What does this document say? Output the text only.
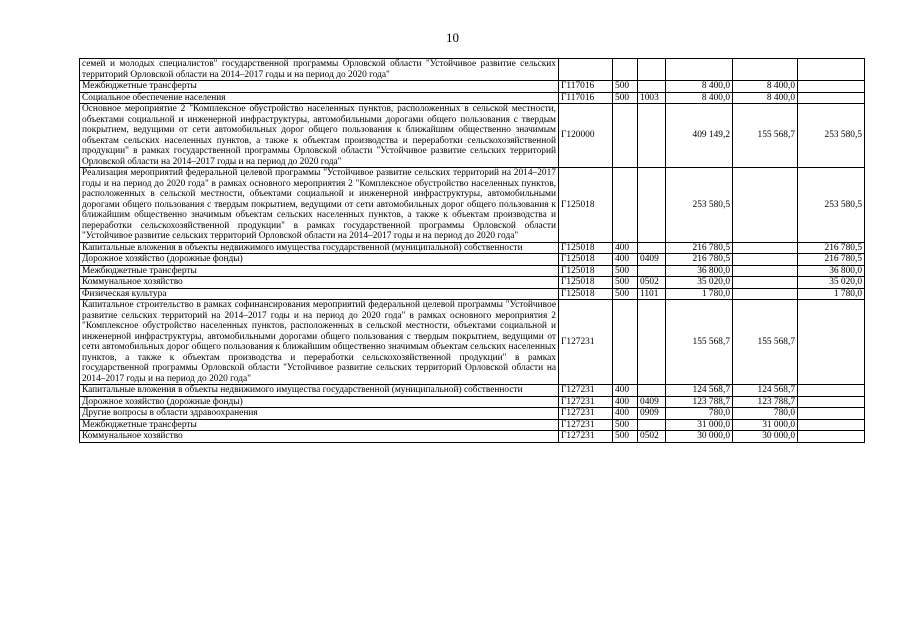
10
семей и молодых специалистов" государственной программы Орловской области "Устойчивое развитие сельских территорий Орловской области на 2014–2017 годы и на период до 2020 года"						
Межбюджетные трансферты	Г117016	500		8 400,0	8 400,0	
Социальное обеспечение населения	Г117016	500	1003	8 400,0	8 400,0	
Основное мероприятие 2 "Комплексное обустройство населенных пунктов, расположенных в сельской местности, объектами социальной и инженерной инфраструктуры, автомобильными дорогами общего пользования с твердым покрытием, ведущими от сети автомобильных дорог общего пользования к ближайшим общественно значимым объектам сельских населенных пунктов, а также к объектам производства и переработки сельскохозяйственной продукции" в рамках государственной программы Орловской области "Устойчивое развитие сельских территорий Орловской области на 2014–2017 годы и на период до 2020 года"	Г120000			409 149,2	155 568,7	253 580,5
Реализация мероприятий федеральной целевой программы "Устойчивое развитие сельских территорий на 2014–2017 годы и на период до 2020 года" в рамках основного мероприятия 2 "Комплексное обустройство населенных пунктов, расположенных в сельской местности, объектами социальной и инженерной инфраструктуры, автомобильными дорогами общего пользования с твердым покрытием, ведущими от сети автомобильных дорог общего пользования к ближайшим общественно значимым объектам сельских населенных пунктов, а также к объектам производства и переработки сельскохозяйственной продукции" в рамках государственной программы Орловской области "Устойчивое развитие сельских территорий Орловской области на 2014–2017 годы и на период до 2020 года"	Г125018			253 580,5		253 580,5
Капитальные вложения в объекты недвижимого имущества государственной (муниципальной) собственности	Г125018	400		216 780,5		216 780,5
Дорожное хозяйство (дорожные фонды)	Г125018	400	0409	216 780,5		216 780,5
Межбюджетные трансферты	Г125018	500		36 800,0		36 800,0
Коммунальное хозяйство	Г125018	500	0502	35 020,0		35 020,0
Физическая культура	Г125018	500	1101	1 780,0		1 780,0
Капитальное строительство в рамках софинансирования мероприятий федеральной целевой программы "Устойчивое развитие сельских территорий на 2014–2017 годы и на период до 2020 года" в рамках основного мероприятия 2 "Комплексное обустройство населенных пунктов, расположенных в сельской местности, объектами социальной и инженерной инфраструктуры, автомобильными дорогами общего пользования с твердым покрытием, ведущими от сети автомобильных дорог общего пользования к ближайшим общественно значимым объектам сельских населенных пунктов, а также к объектам производства и переработки сельскохозяйственной продукции" в рамках государственной программы Орловской области "Устойчивое развитие сельских территорий Орловской области на 2014–2017 годы и на период до 2020 года"	Г127231			155 568,7	155 568,7	
Капитальные вложения в объекты недвижимого имущества государственной (муниципальной) собственности	Г127231	400		124 568,7	124 568,7	
Дорожное хозяйство (дорожные фонды)	Г127231	400	0409	123 788,7	123 788,7	
Другие вопросы в области здравоохранения	Г127231	400	0909	780,0	780,0	
Межбюджетные трансферты	Г127231	500		31 000,0	31 000,0	
Коммунальное хозяйство	Г127231	500	0502	30 000,0	30 000,0	
